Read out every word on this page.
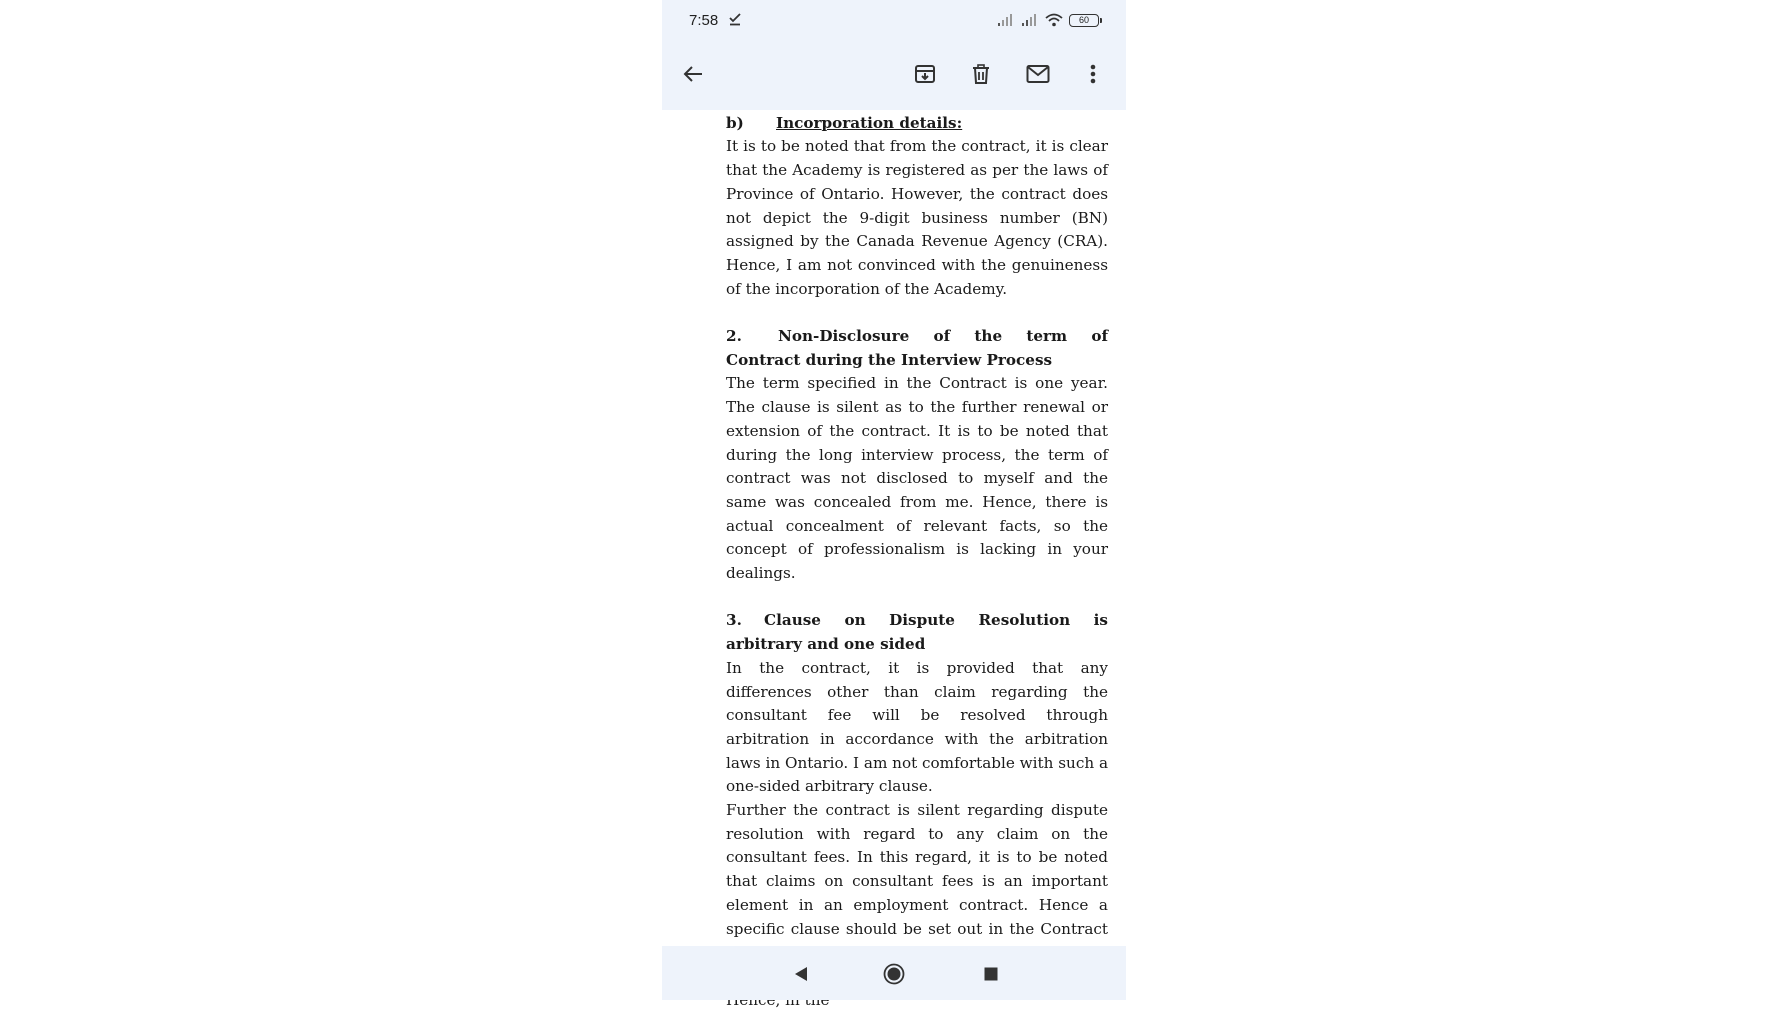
7:58	60

b) Incorporation details:

It is to be noted that from the contract, it is clear that the Academy is registered as per the laws of Province of Ontario. However, the contract does not depict the 9-digit business number (BN) assigned by the Canada Revenue Agency (CRA). Hence, I am not convinced with the genuineness of the incorporation of the Academy.

2. Non-Disclosure of the term of Contract during the Interview Process

The term specified in the Contract is one year. The clause is silent as to the further renewal or extension of the contract. It is to be noted that during the long interview process, the term of contract was not disclosed to myself and the same was concealed from me. Hence, there is actual concealment of relevant facts, so the concept of professionalism is lacking in your dealings.

3. Clause on Dispute Resolution is arbitrary and one sided

In the contract, it is provided that any differences other than claim regarding the consultant fee will be resolved through arbitration in accordance with the arbitration laws in Ontario. I am not comfortable with such a one-sided arbitrary clause.

Further the contract is silent regarding dispute resolution with regard to any claim on the consultant fees. In this regard, it is to be noted that claims on consultant fees is an important element in an employment contract. Hence a specific clause should be set out in the Contract
